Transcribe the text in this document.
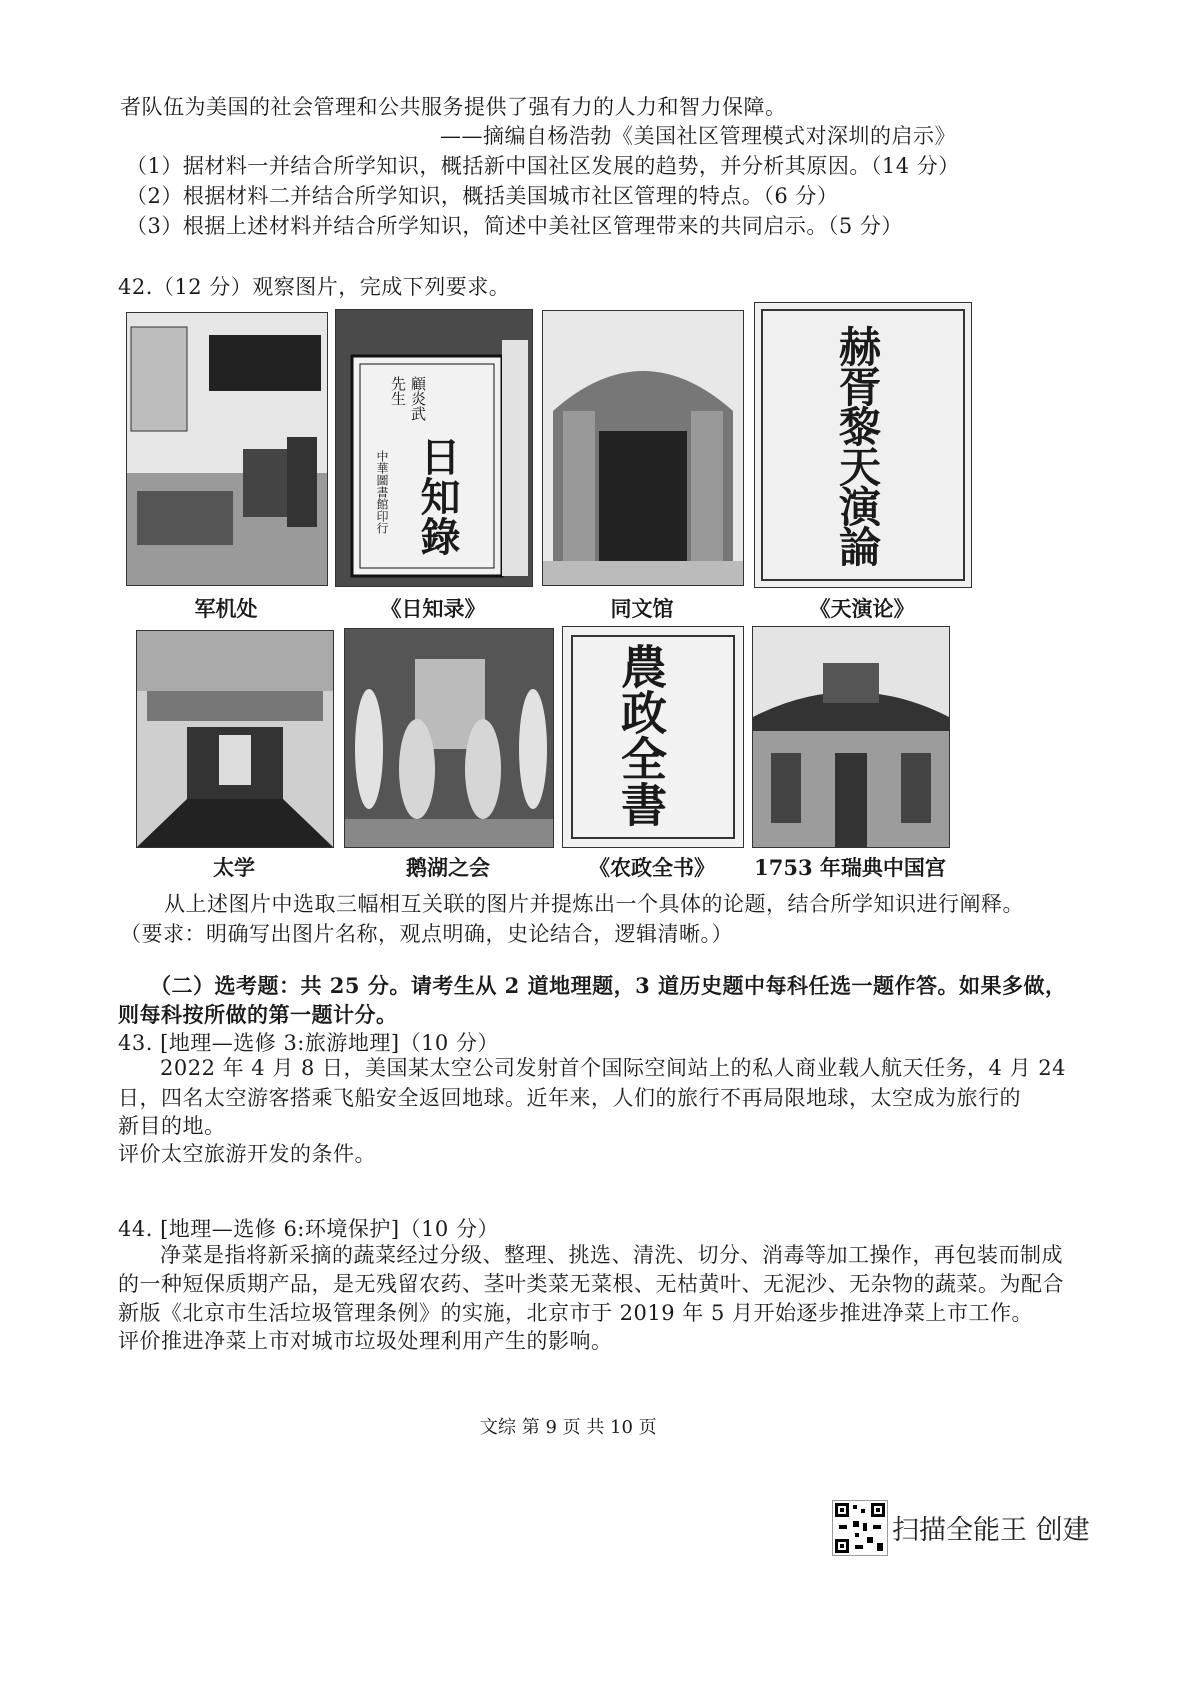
者队伍为美国的社会管理和公共服务提供了强有力的人力和智力保障。
——摘编自杨浩勃《美国社区管理模式对深圳的启示》
（1）据材料一并结合所学知识，概括新中国社区发展的趋势，并分析其原因。（14 分）
（2）根据材料二并结合所学知识，概括美国城市社区管理的特点。（6 分）
（3）根据上述材料并结合所学知识，简述中美社区管理带来的共同启示。（5 分）
42.（12 分）观察图片，完成下列要求。
顧炎武
先生
日知錄
中華圖書館印行	赫胥黎天演論
军机处	《日知录》	同文馆	《天演论》
農政全書
太学	鹅湖之会	《农政全书》	1753 年瑞典中国宫
从上述图片中选取三幅相互关联的图片并提炼出一个具体的论题，结合所学知识进行阐释。
（要求：明确写出图片名称，观点明确，史论结合，逻辑清晰。）
（二）选考题：共 25 分。请考生从 2 道地理题，3 道历史题中每科任选一题作答。如果多做，
则每科按所做的第一题计分。
43. [地理—选修 3:旅游地理]（10 分）
2022 年 4 月 8 日，美国某太空公司发射首个国际空间站上的私人商业载人航天任务，4 月 24
日，四名太空游客搭乘飞船安全返回地球。近年来，人们的旅行不再局限地球，太空成为旅行的
新目的地。
评价太空旅游开发的条件。
44. [地理—选修 6:环境保护]（10 分）
净菜是指将新采摘的蔬菜经过分级、整理、挑选、清洗、切分、消毒等加工操作，再包装而制成
的一种短保质期产品，是无残留农药、茎叶类菜无菜根、无枯黄叶、无泥沙、无杂物的蔬菜。为配合
新版《北京市生活垃圾管理条例》的实施，北京市于 2019 年 5 月开始逐步推进净菜上市工作。
评价推进净菜上市对城市垃圾处理利用产生的影响。
文综 第 9 页 共 10 页
扫描全能王 创建
